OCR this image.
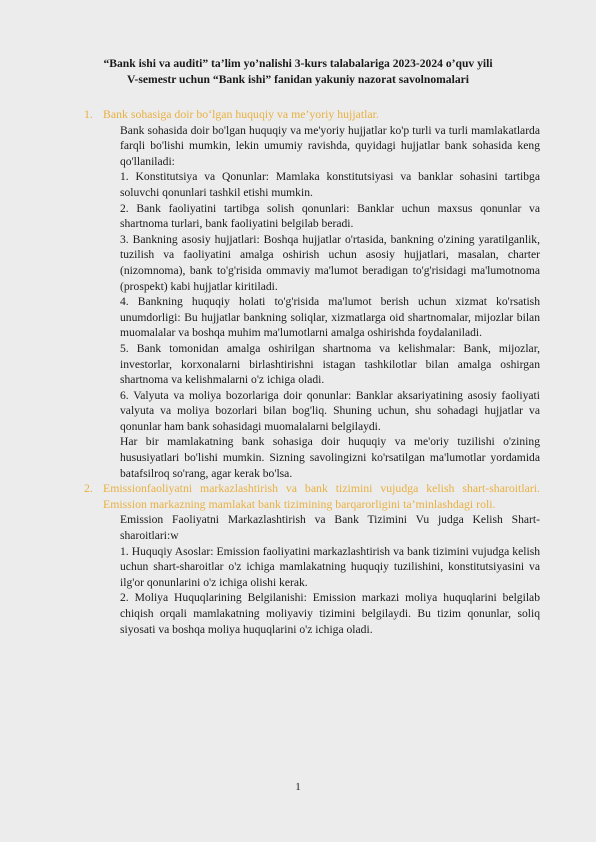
“Bank ishi va auditi” ta’lim yo’nalishi 3-kurs talabalariga 2023-2024 o’quv yili
V-semestr uchun “Bank ishi” fanidan yakuniy nazorat savolnomalari
1. Bank sohasiga doir bo‘lgan huquqiy va me’yoriy hujjatlar.

Bank sohasida doir bo'lgan huquqiy va me'yoriy hujjatlar ko'p turli va turli mamlakatlarda farqli bo'lishi mumkin, lekin umumiy ravishda, quyidagi hujjatlar bank sohasida keng qo'llaniladi:

1. Konstitutsiya va Qonunlar: Mamlaka konstitutsiyasi va banklar sohasini tartibga soluvchi qonunlari tashkil etishi mumkin.

2. Bank faoliyatini tartibga solish qonunlari: Banklar uchun maxsus qonunlar va shartnoma turlari, bank faoliyatini belgilab beradi.

3. Bankning asosiy hujjatlari: Boshqa hujjatlar o'rtasida, bankning o'zining yaratilganlik, tuzilish va faoliyatini amalga oshirish uchun asosiy hujjatlari, masalan, charter (nizomnoma), bank to'g'risida ommaviy ma'lumot beradigan to'g'risidagi ma'lumotnoma (prospekt) kabi hujjatlar kiritiladi.

4. Bankning huquqiy holati to'g'risida ma'lumot berish uchun xizmat ko'rsatish unumdorligi: Bu hujjatlar bankning soliqlar, xizmatlarga oid shartnomalar, mijozlar bilan muomalalar va boshqa muhim ma'lumotlarni amalga oshirishda foydalaniladi.

5. Bank tomonidan amalga oshirilgan shartnoma va kelishmalar: Bank, mijozlar, investorlar, korxonalarni birlashtirishni istagan tashkilotlar bilan amalga oshirgan shartnoma va kelishmalarni o'z ichiga oladi.

6. Valyuta va moliya bozorlariga doir qonunlar: Banklar aksariyatining asosiy faoliyati valyuta va moliya bozorlari bilan bog'liq. Shuning uchun, shu sohadagi hujjatlar va qonunlar ham bank sohasidagi muomalalarni belgilaydi.

Har bir mamlakatning bank sohasiga doir huquqiy va me'oriy tuzilishi o'zining hususiyatlari bo'lishi mumkin. Sizning savolingizni ko'rsatilgan ma'lumotlar yordamida batafsilroq so'rang, agar kerak bo'lsa.

2. Emissionfaoliyatni markazlashtirish va bank tizimini vujudga kelish shart-sharoitlari. Emission markazning mamlakat bank tizimining barqarorligini ta’minlashdagi roli.

Emission Faoliyatni Markazlashtirish va Bank Tizimini Vu judga Kelish Shart-sharoitlari:w

1. Huquqiy Asoslar: Emission faoliyatini markazlashtirish va bank tizimini vujudga kelish uchun shart-sharoitlar o'z ichiga mamlakatning huquqiy tuzilishini, konstitutsiyasini va ilg'or qonunlarini o'z ichiga olishi kerak.

2. Moliya Huquqlarining Belgilanishi: Emission markazi moliya huquqlarini belgilab chiqish orqali mamlakatning moliyaviy tizimini belgilaydi. Bu tizim qonunlar, soliq siyosati va boshqa moliya huquqlarini o'z ichiga oladi.

1
